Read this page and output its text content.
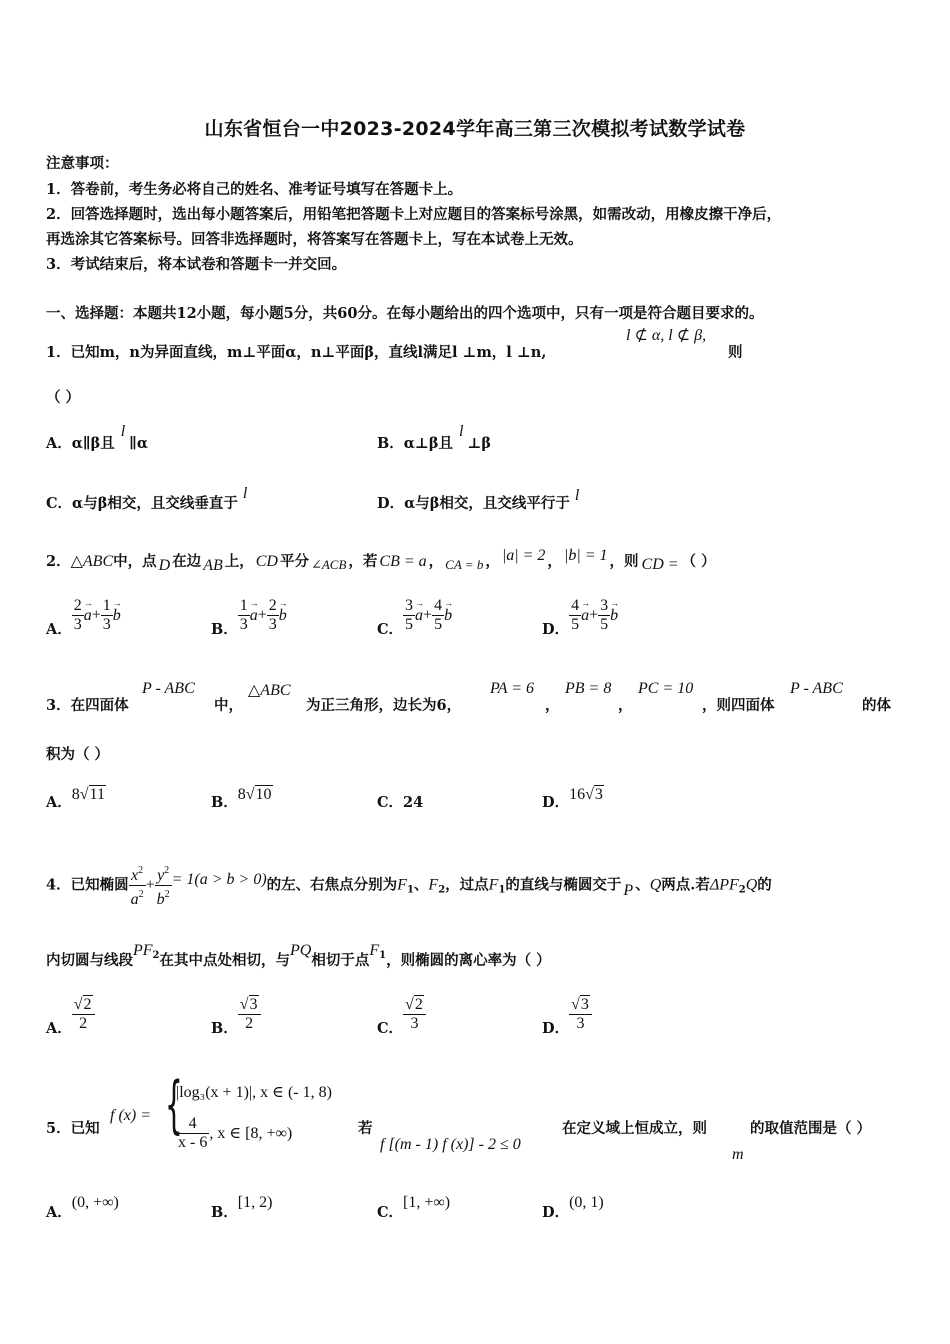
山东省恒台一中2023-2024学年高三第三次模拟考试数学试卷
注意事项：
1．答卷前，考生务必将自己的姓名、准考证号填写在答题卡上。
2．回答选择题时，选出每小题答案后，用铅笔把答题卡上对应题目的答案标号涂黑，如需改动，用橡皮擦干净后，
再选涂其它答案标号。回答非选择题时，将答案写在答题卡上，写在本试卷上无效。
3．考试结束后，将本试卷和答题卡一并交回。
一、选择题：本题共12小题，每小题5分，共60分。在每小题给出的四个选项中，只有一项是符合题目要求的。
1．已知m，n为异面直线，m⊥平面α，n⊥平面β，直线l满足l ⊥m，l ⊥n,
l ⊄ α, l ⊄ β,
则
（ ）
A．α∥β且l∥α	B．α⊥β且l⊥β
C．α与β相交，且交线垂直于l
D．α与β相交，且交线平行于 l
2．△ABC中，点 D 在边 AB 上， CD 平分 ∠ACB ，若 CB = a ， CA = b ， |a| = 2 ， |b| = 1 ，则 CD = （ ）
A． $\frac{2}{3}$
→ $a+ \frac{1}{3}$
→ b
B． $\frac{1}{3}$
→ $a+ \frac{2}{3}$
→ b
C． $\frac{3}{5}$
→ $a+ \frac{4}{5}$
→ b
D． $\frac{4}{5}$
→ $a+ \frac{3}{5}$
→ b
3．在四面体
P - ABC
中，
△ABC
为正三角形，边长为6，
PA = 6
，
PB = 8
，
PC = 10
，则四面体
P - ABC
的体
积为（ ）
A．8√11	B．8√10	C．24	D．16√3
4．已知椭圆 $\frac{x^2}{a^2} + \frac{y^2}{b^2} = 1(a > b > 0)$的左、右焦点分别为$F_1$、$F_2$，过点$F_1$的直线与椭圆交于 P 、Q两点.若$\Delta PF_2Q$的
内切圆与线段$PF^2$在其中点处相切，与PQ相切于点$F^1$，则椭圆的离心率为（ ）
A． $\frac{√2}{2}$	B． $\frac{√3}{2}$	C． $\frac{√2}{3}$	D． $\frac{√3}{3}$
5．已知
f (x) = {
|log₃(x + 1)|, x ∈ (- 1, 8)
$\frac{4}{x - 6}$ , x ∈ [8, +∞)	若
f [(m - 1) f (x)] - 2 ≤ 0
在定义域上恒成立，则
m
的取值范围是（ ）
A．(0, +∞)
B．[1, 2)
C．[1, +∞)
D．(0, 1)
